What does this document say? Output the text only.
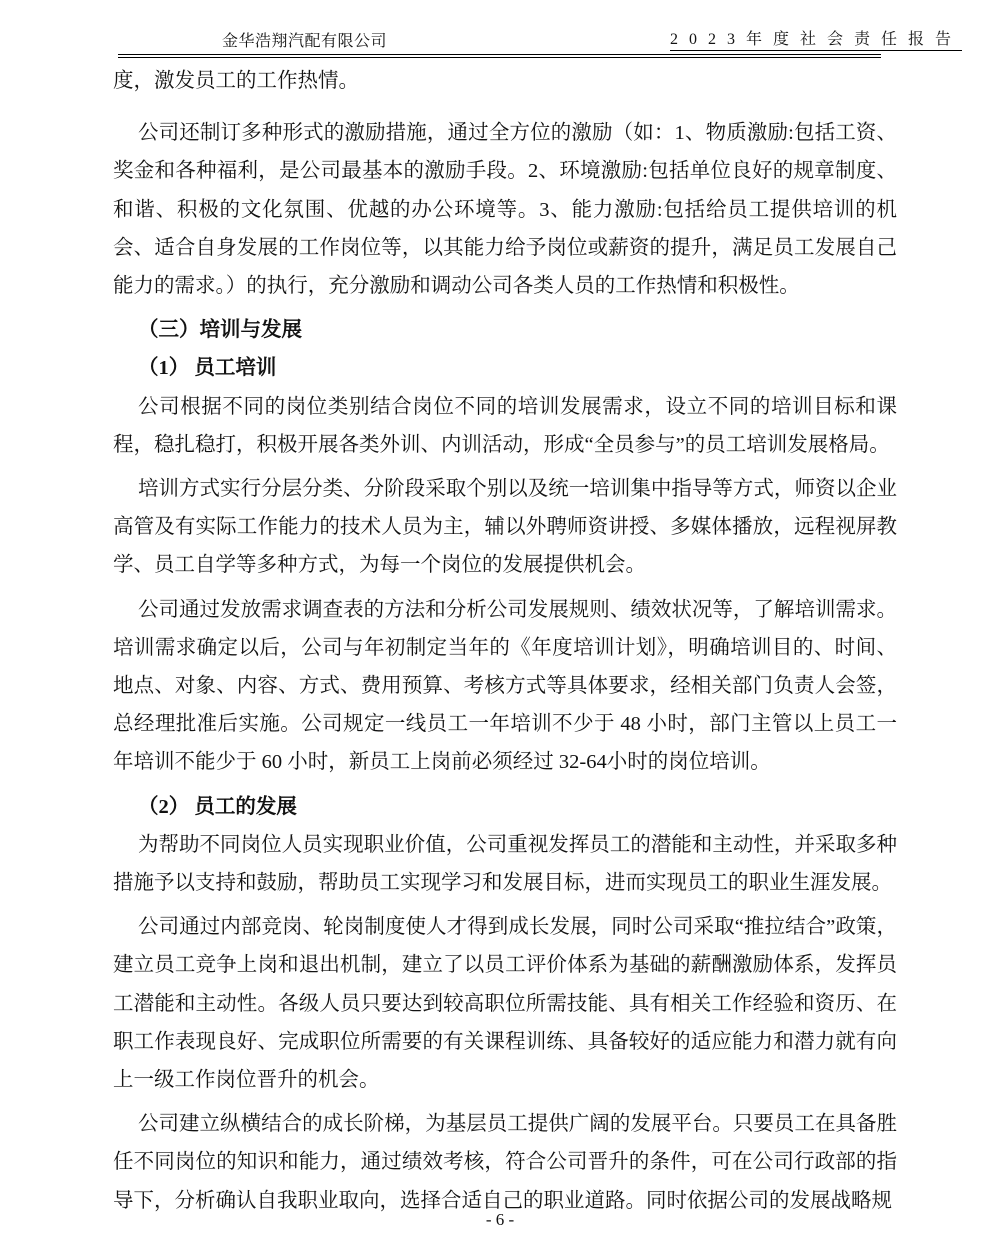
金华浩翔汽配有限公司	2023年度社会责任报告

度，激发员工的工作热情。

公司还制订多种形式的激励措施，通过全方位的激励（如：1、物质激励:包括工资、奖金和各种福利，是公司最基本的激励手段。2、环境激励:包括单位良好的规章制度、和谐、积极的文化氛围、优越的办公环境等。3、能力激励:包括给员工提供培训的机会、适合自身发展的工作岗位等，以其能力给予岗位或薪资的提升，满足员工发展自己能力的需求。）的执行，充分激励和调动公司各类人员的工作热情和积极性。

（三）培训与发展

（1） 员工培训

公司根据不同的岗位类别结合岗位不同的培训发展需求，设立不同的培训目标和课程，稳扎稳打，积极开展各类外训、内训活动，形成“全员参与”的员工培训发展格局。

培训方式实行分层分类、分阶段采取个别以及统一培训集中指导等方式，师资以企业高管及有实际工作能力的技术人员为主，辅以外聘师资讲授、多媒体播放，远程视屏教学、员工自学等多种方式，为每一个岗位的发展提供机会。

公司通过发放需求调查表的方法和分析公司发展规则、绩效状况等，了解培训需求。培训需求确定以后，公司与年初制定当年的《年度培训计划》，明确培训目的、时间、地点、对象、内容、方式、费用预算、考核方式等具体要求，经相关部门负责人会签，总经理批准后实施。公司规定一线员工一年培训不少于 48 小时，部门主管以上员工一年培训不能少于 60 小时，新员工上岗前必须经过 32-64小时的岗位培训。

（2） 员工的发展

为帮助不同岗位人员实现职业价值，公司重视发挥员工的潜能和主动性，并采取多种措施予以支持和鼓励，帮助员工实现学习和发展目标，进而实现员工的职业生涯发展。

公司通过内部竞岗、轮岗制度使人才得到成长发展，同时公司采取“推拉结合”政策，建立员工竞争上岗和退出机制，建立了以员工评价体系为基础的薪酬激励体系，发挥员工潜能和主动性。各级人员只要达到较高职位所需技能、具有相关工作经验和资历、在职工作表现良好、完成职位所需要的有关课程训练、具备较好的适应能力和潜力就有向上一级工作岗位晋升的机会。

公司建立纵横结合的成长阶梯，为基层员工提供广阔的发展平台。只要员工在具备胜任不同岗位的知识和能力，通过绩效考核，符合公司晋升的条件，可在公司行政部的指导下，分析确认自我职业取向，选择合适自己的职业道路。同时依据公司的发展战略规

- 6 -
